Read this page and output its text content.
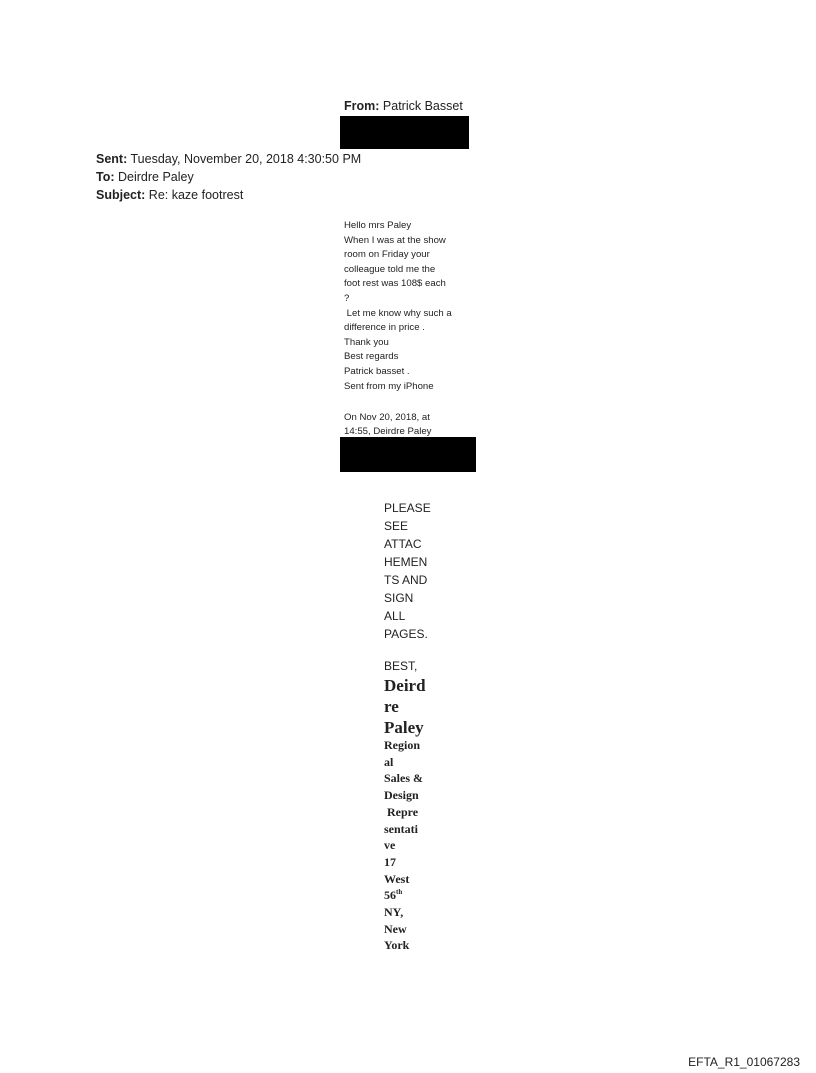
From: Patrick Basset
Sent: Tuesday, November 20, 2018 4:30:50 PM
To: Deirdre Paley
Subject: Re: kaze footrest
Hello mrs Paley
When I was at the show
room on Friday your
colleague told me the
foot rest was 108$ each
?
Let me know why such a
difference in price .
Thank you
Best regards
Patrick basset .
Sent from my iPhone
On Nov 20, 2018, at
14:55, Deirdre Paley
PLEASE
SEE
ATTAC
HEMEN
TS AND
SIGN
ALL
PAGES.
BEST,
Deird
re
Paley
Region
al
Sales &
Design
Repre
sentati
ve
17
West
56th
NY,
New
York
EFTA_R1_01067283
